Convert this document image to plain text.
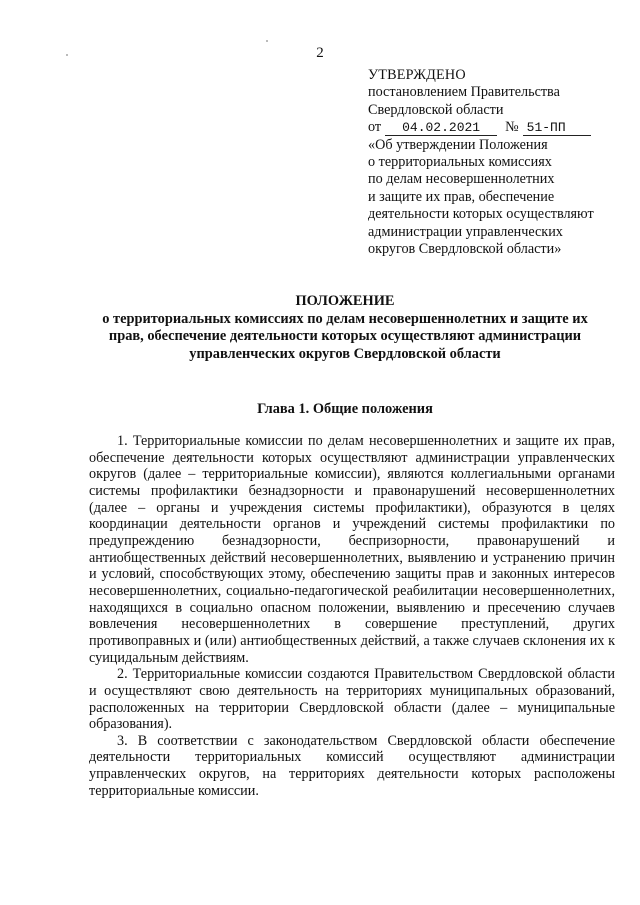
2
УТВЕРЖДЕНО
постановлением Правительства
Свердловской области
от 04.02.2021 № 51-ПП
«Об утверждении Положения
о территориальных комиссиях
по делам несовершеннолетних
и защите их прав, обеспечение
деятельности которых осуществляют
администрации управленческих
округов Свердловской области»
ПОЛОЖЕНИЕ
о территориальных комиссиях по делам несовершеннолетних и защите их
прав, обеспечение деятельности которых осуществляют администрации
управленческих округов Свердловской области
Глава 1. Общие положения

1. Территориальные комиссии по делам несовершеннолетних и защите их прав, обеспечение деятельности которых осуществляют администрации управленческих округов (далее – территориальные комиссии), являются коллегиальными органами системы профилактики безнадзорности и правонарушений несовершеннолетних (далее – органы и учреждения системы профилактики), образуются в целях координации деятельности органов и учреждений системы профилактики по предупреждению безнадзорности, беспризорности, правонарушений и антиобщественных действий несовершеннолетних, выявлению и устранению причин и условий, способствующих этому, обеспечению защиты прав и законных интересов несовершеннолетних, социально-педагогической реабилитации несовершеннолетних, находящихся в социально опасном положении, выявлению и пресечению случаев вовлечения несовершеннолетних в совершение преступлений, других противоправных и (или) антиобщественных действий, а также случаев склонения их к суицидальным действиям.

2. Территориальные комиссии создаются Правительством Свердловской области и осуществляют свою деятельность на территориях муниципальных образований, расположенных на территории Свердловской области (далее – муниципальные образования).

3. В соответствии с законодательством Свердловской области обеспечение деятельности территориальных комиссий осуществляют администрации управленческих округов, на территориях деятельности которых расположены территориальные комиссии.
